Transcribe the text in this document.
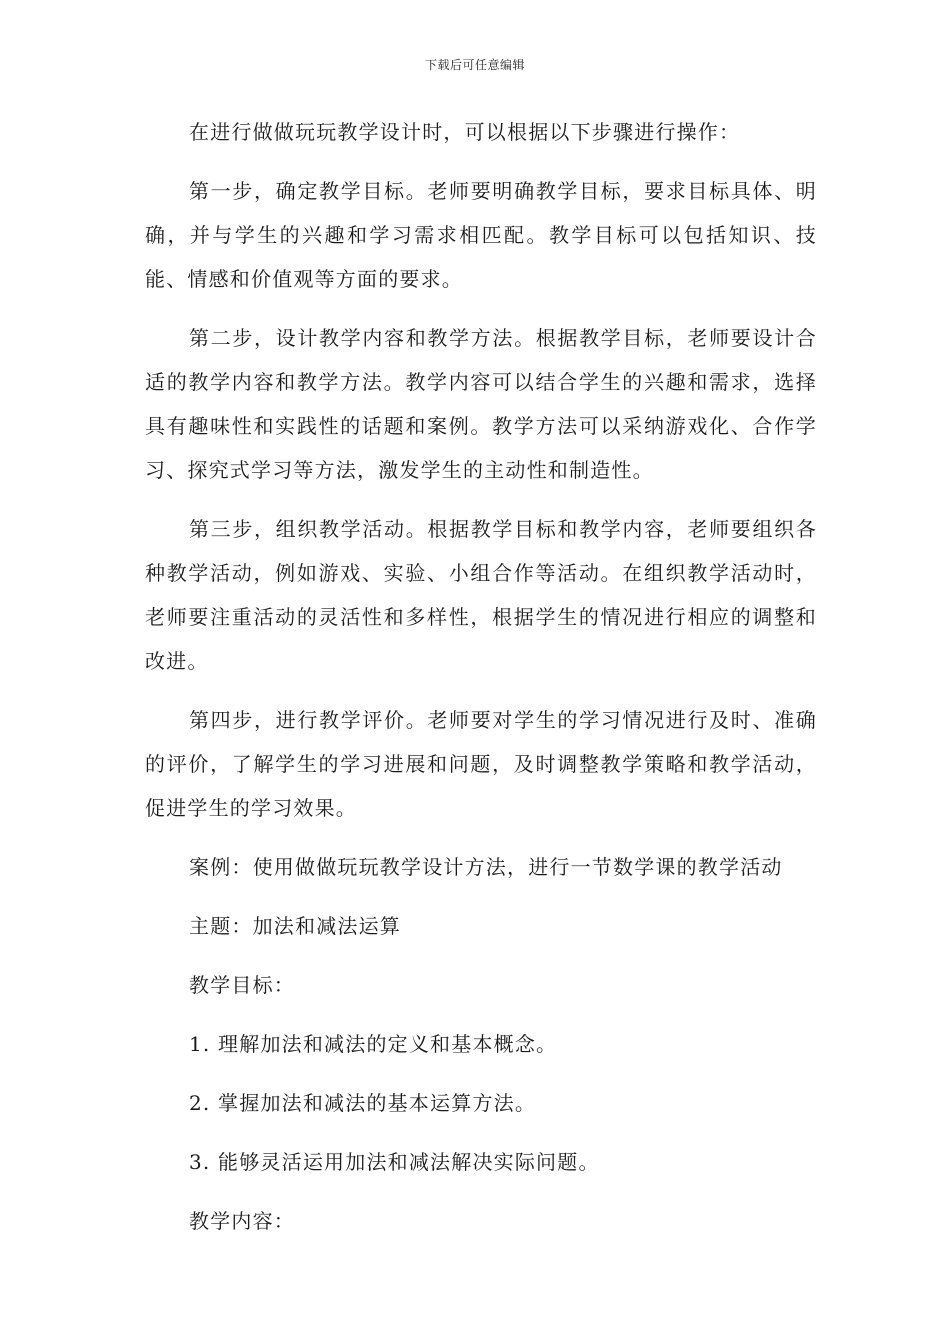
下载后可任意编辑

在进行做做玩玩教学设计时，可以根据以下步骤进行操作：

第一步，确定教学目标。老师要明确教学目标，要求目标具体、明确，并与学生的兴趣和学习需求相匹配。教学目标可以包括知识、技能、情感和价值观等方面的要求。

第二步，设计教学内容和教学方法。根据教学目标，老师要设计合适的教学内容和教学方法。教学内容可以结合学生的兴趣和需求，选择具有趣味性和实践性的话题和案例。教学方法可以采纳游戏化、合作学习、探究式学习等方法，激发学生的主动性和制造性。

第三步，组织教学活动。根据教学目标和教学内容，老师要组织各种教学活动，例如游戏、实验、小组合作等活动。在组织教学活动时，老师要注重活动的灵活性和多样性，根据学生的情况进行相应的调整和改进。

第四步，进行教学评价。老师要对学生的学习情况进行及时、准确的评价，了解学生的学习进展和问题，及时调整教学策略和教学活动，促进学生的学习效果。

案例：使用做做玩玩教学设计方法，进行一节数学课的教学活动

主题：加法和减法运算

教学目标：

1. 理解加法和减法的定义和基本概念。

2. 掌握加法和减法的基本运算方法。

3. 能够灵活运用加法和减法解决实际问题。

教学内容：
